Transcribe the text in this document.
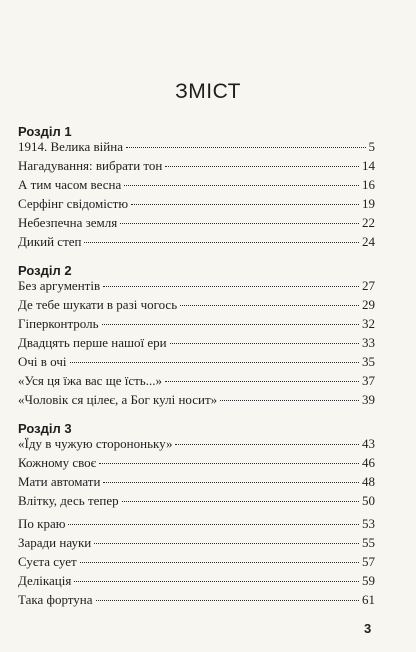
ЗМІСТ
Розділ 1
1914. Велика війна	5
Нагадування: вибрати тон	14
А тим часом весна	16
Серфінг свідомістю	19
Небезпечна земля	22
Дикий степ	24
Розділ 2
Без аргументів	27
Де тебе шукати в разі чогось	29
Гіперконтроль	32
Двадцять перше нашої ери	33
Очі в очі	35
«Уся ця їжа вас ще їсть...»	37
«Чоловік ся цілеє, а Бог кулі носит»	39
Розділ 3
«Їду в чужую сторононьку»	43
Кожному своє	46
Мати автомати	48
Влітку, десь тепер	50
По краю	53
Заради науки	55
Суєта сует	57
Делікація	59
Така фортуна	61
3
